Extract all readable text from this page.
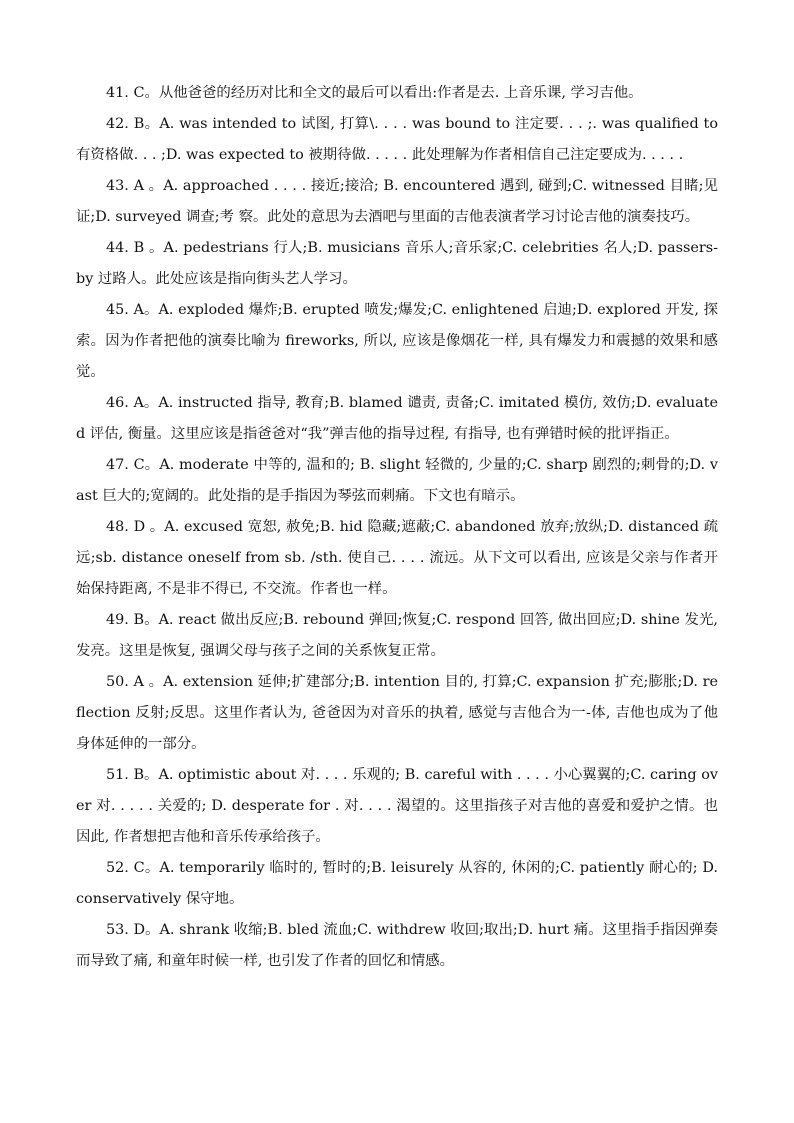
41. C。从他爸爸的经历对比和全文的最后可以看出:作者是去. 上音乐课, 学习吉他。

42. B。A. was intended to 试图, 打算\. . . . was bound to 注定要. . . ;. was qualified to 有资格做. . . ;D. was expected to 被期待做. . . . . 此处理解为作者相信自己注定要成为. . . . .

43. A 。A. approached . . . . 接近;接洽; B. encountered 遇到, 碰到;C. witnessed 目睹;见证;D. surveyed 调查;考 察。此处的意思为去酒吧与里面的吉他表演者学习讨论吉他的演奏技巧。

44. B 。A. pedestrians 行人;B. musicians 音乐人;音乐家;C. celebrities 名人;D. passers-by 过路人。此处应该是指向街头艺人学习。

45. A。A. exploded 爆炸;B. erupted 喷发;爆发;C. enlightened 启迪;D. explored 开发, 探索。因为作者把他的演奏比喻为 fireworks, 所以, 应该是像烟花一样, 具有爆发力和震撼的效果和感觉。

46. A。A. instructed 指导, 教育;B. blamed 谴责, 责备;C. imitated 模仿, 效仿;D. evaluated 评估, 衡量。这里应该是指爸爸对“我”弹吉他的指导过程, 有指导, 也有弹错时候的批评指正。

47. C。A. moderate 中等的, 温和的; B. slight 轻微的, 少量的;C. sharp 剧烈的;刺骨的;D. vast 巨大的;宽阔的。此处指的是手指因为琴弦而刺痛。下文也有暗示。

48. D 。A. excused 宽恕, 赦免;B. hid 隐藏;遮蔽;C. abandoned 放弃;放纵;D. distanced 疏远;sb. distance oneself from sb. /sth. 使自己. . . . 流远。从下文可以看出, 应该是父亲与作者开始保持距离, 不是非不得已, 不交流。作者也一样。

49. B。A. react 做出反应;B. rebound 弹回;恢复;C. respond 回答, 做出回应;D. shine 发光, 发亮。这里是恢复, 强调父母与孩子之间的关系恢复正常。

50. A 。A. extension 延伸;扩建部分;B. intention 目的, 打算;C. expansion 扩充;膨胀;D. reflection 反射;反思。这里作者认为, 爸爸因为对音乐的执着, 感觉与吉他合为一-体, 吉他也成为了他身体延伸的一部分。

51. B。A. optimistic about 对. . . . 乐观的; B. careful with . . . . 小心翼翼的;C. caring over 对. . . . . 关爱的; D. desperate for . 对. . . . 渴望的。这里指孩子对吉他的喜爱和爱护之情。也因此, 作者想把吉他和音乐传承给孩子。

52. C。A. temporarily 临时的, 暂时的;B. leisurely 从容的, 休闲的;C. patiently 耐心的; D. conservatively 保守地。

53. D。A. shrank 收缩;B. bled 流血;C. withdrew 收回;取出;D. hurt 痛。这里指手指因弹奏而导致了痛, 和童年时候一样, 也引发了作者的回忆和情感。
